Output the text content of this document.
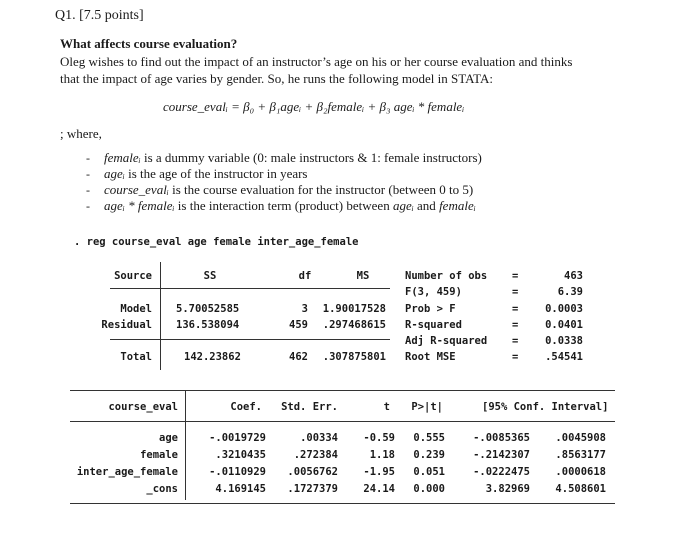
Q1. [7.5 points]
What affects course evaluation?
Oleg wishes to find out the impact of an instructor’s age on his or her course evaluation and thinks
that the impact of age varies by gender. So, he runs the following model in STATA:
course_evalᵢ = β₀ + β₁ageᵢ + β₂femaleᵢ + β₃ ageᵢ * femaleᵢ
; where,
- femaleᵢ is a dummy variable (0: male instructors & 1: female instructors)
- ageᵢ is the age of the instructor in years
- course_evalᵢ is the course evaluation for the instructor (between 0 to 5)
- ageᵢ * femaleᵢ is the interaction term (product) between ageᵢ and femaleᵢ
. reg course_eval age female inter_age_female
Source	SS	df	MS
Model 5.70052585	3	1.90017528
Residual 136.538094	459	.297468615
Total	142.23862	462	.307875801
Number of obs =	463
F(3, 459)	=	6.39
Prob > F	=	0.0003
R-squared	=	0.0401
Adj R-squared =	0.0338
Root MSE	=	.54541
course_eval	Coef.	Std. Err.	t	P>|t|	[95% Conf. Interval]
age	-.0019729	.00334	-0.59	0.555	-.0085365	.0045908
female	.3210435	.272384	1.18	0.239	-.2142307	.8563177
inter_age_female	-.0110929	.0056762	-1.95	0.051	-.0222475	.0000618
_cons	4.169145	.1727379	24.14	0.000	3.82969	4.508601
